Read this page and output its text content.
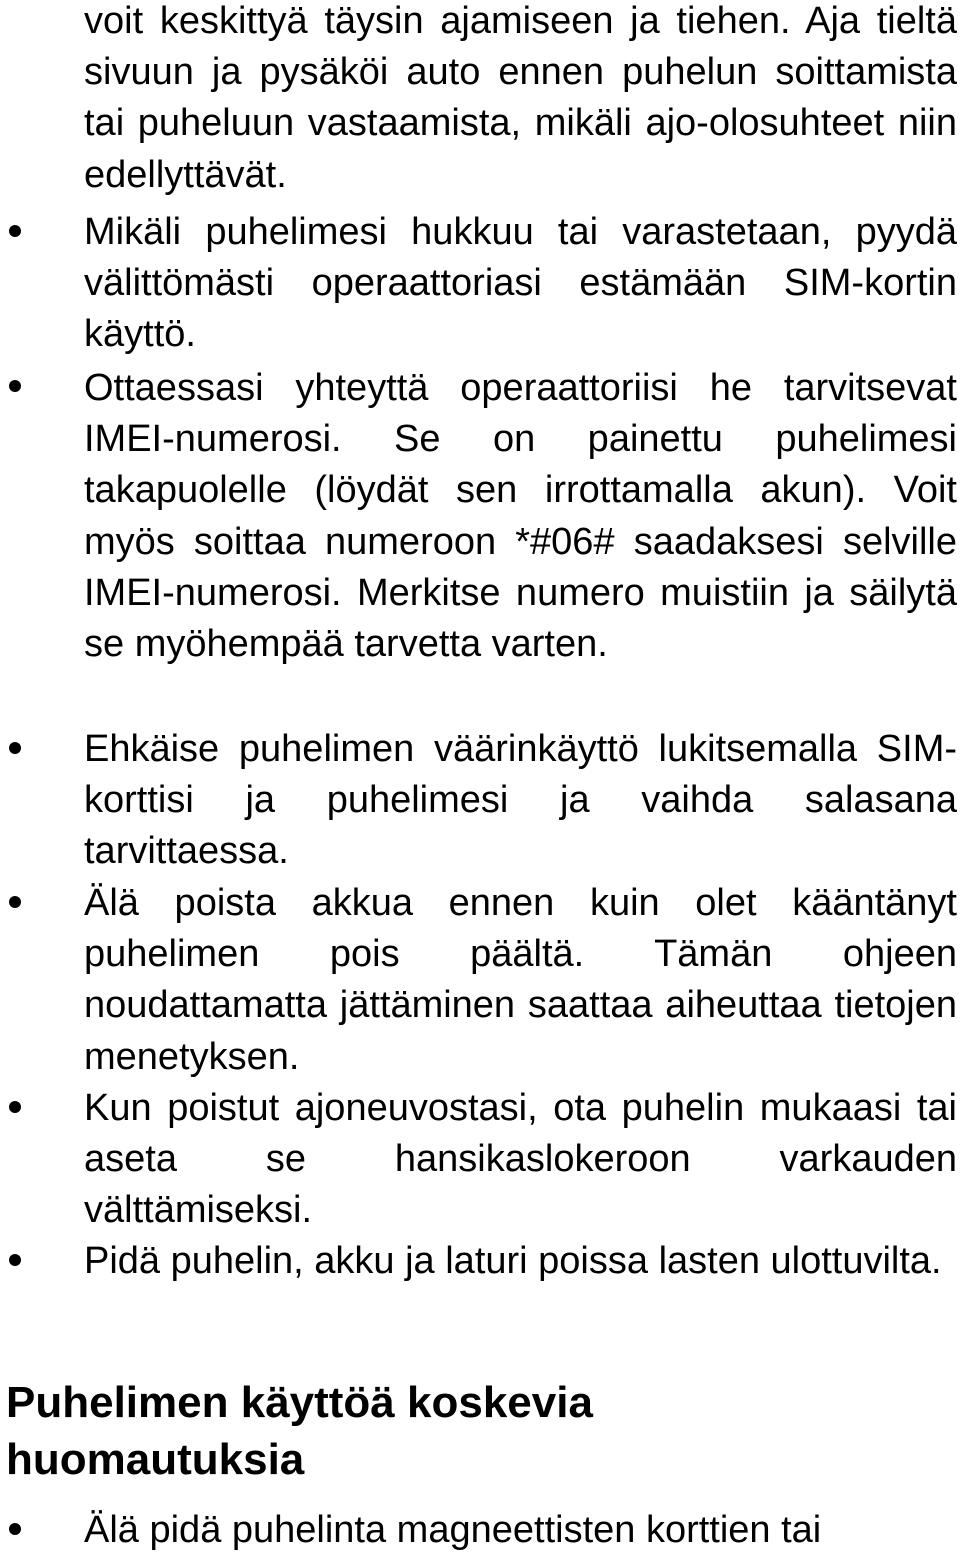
voit keskittyä täysin ajamiseen ja tiehen. Aja tieltä sivuun ja pysäköi auto ennen puhelun soittamista tai puheluun vastaamista, mikäli ajo-olosuhteet niin edellyttävät.
Mikäli puhelimesi hukkuu tai varastetaan, pyydä välittömästi operaattoriasi estämään SIM-kortin käyttö.
Ottaessasi yhteyttä operaattoriisi he tarvitsevat IMEI-numerosi. Se on painettu puhelimesi takapuolelle (löydät sen irrottamalla akun). Voit myös soittaa numeroon *#06# saadaksesi selville IMEI-numerosi. Merkitse numero muistiin ja säilytä se myöhempää tarvetta varten.
Ehkäise puhelimen väärinkäyttö lukitsemalla SIM-korttisi ja puhelimesi ja vaihda salasana tarvittaessa.
Älä poista akkua ennen kuin olet kääntänyt puhelimen pois päältä. Tämän ohjeen noudattamatta jättäminen saattaa aiheuttaa tietojen menetyksen.
Kun poistut ajoneuvostasi, ota puhelin mukaasi tai aseta se hansikaslokeroon varkauden välttämiseksi.
Pidä puhelin, akku ja laturi poissa lasten ulottuvilta.
Puhelimen käyttöä koskevia
huomautuksia
Älä pidä puhelinta magneettisten korttien tai
